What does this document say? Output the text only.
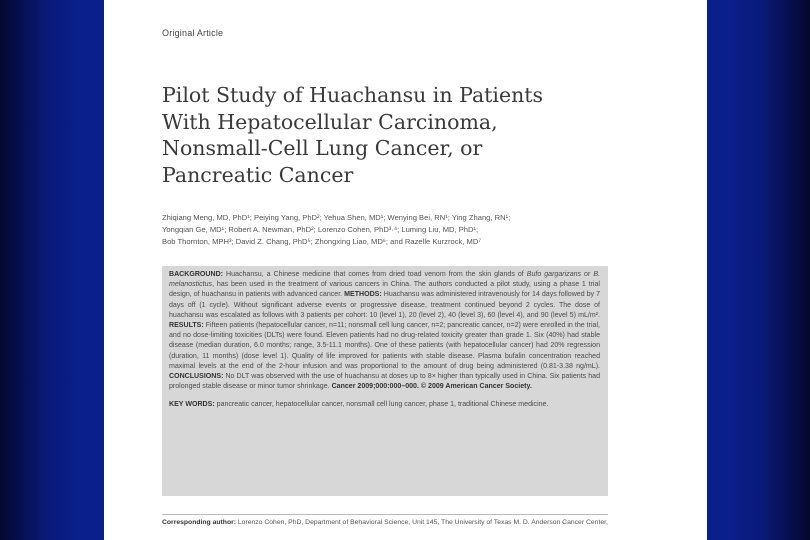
Original Article
Pilot Study of Huachansu in Patients
With Hepatocellular Carcinoma,
Nonsmall-Cell Lung Cancer, or
Pancreatic Cancer
Zhiqiang Meng, MD, PhD¹; Peiying Yang, PhD²; Yehua Shen, MD¹; Wenying Bei, RN¹; Ying Zhang, RN¹;
Yongqian Ge, MD¹; Robert A. Newman, PhD²; Lorenzo Cohen, PhD³·⁴; Luming Liu, MD, PhD¹;
Bob Thornton, MPH³; David Z. Chang, PhD⁵; Zhongxing Liao, MD⁶; and Razelle Kurzrock, MD⁷

BACKGROUND: Huachansu, a Chinese medicine that comes from dried toad venom from the skin glands of Bufo gargarizans or B. melanostictus, has been used in the treatment of various cancers in China. The authors conducted a pilot study, using a phase 1 trial design, of huachansu in patients with advanced cancer. METHODS: Huachansu was administered intravenously for 14 days followed by 7 days off (1 cycle). Without significant adverse events or progressive disease, treatment continued beyond 2 cycles. The dose of huachansu was escalated as follows with 3 patients per cohort: 10 (level 1), 20 (level 2), 40 (level 3), 60 (level 4), and 90 (level 5) mL/m². RESULTS: Fifteen patients (hepatocellular cancer, n=11; nonsmall cell lung cancer, n=2; pancreatic cancer, n=2) were enrolled in the trial, and no dose-limiting toxicities (DLTs) were found. Eleven patients had no drug-related toxicity greater than grade 1. Six (40%) had stable disease (median duration, 6.0 months; range, 3.5-11.1 months). One of these patients (with hepatocellular cancer) had 20% regression (duration, 11 months) (dose level 1). Quality of life improved for patients with stable disease. Plasma bufalin concentration reached maximal levels at the end of the 2-hour infusion and was proportional to the amount of drug being administered (0.81-3.38 ng/mL). CONCLUSIONS: No DLT was observed with the use of huachansu at doses up to 8× higher than typically used in China. Six patients had prolonged stable disease or minor tumor shrinkage. Cancer 2009;000:000–000. © 2009 American Cancer Society.

KEY WORDS: pancreatic cancer, hepatocellular cancer, nonsmall cell lung cancer, phase 1, traditional Chinese medicine.

Corresponding author: Lorenzo Cohen, PhD, Department of Behavioral Science, Unit 145, The University of Texas M. D. Anderson Cancer Center,
